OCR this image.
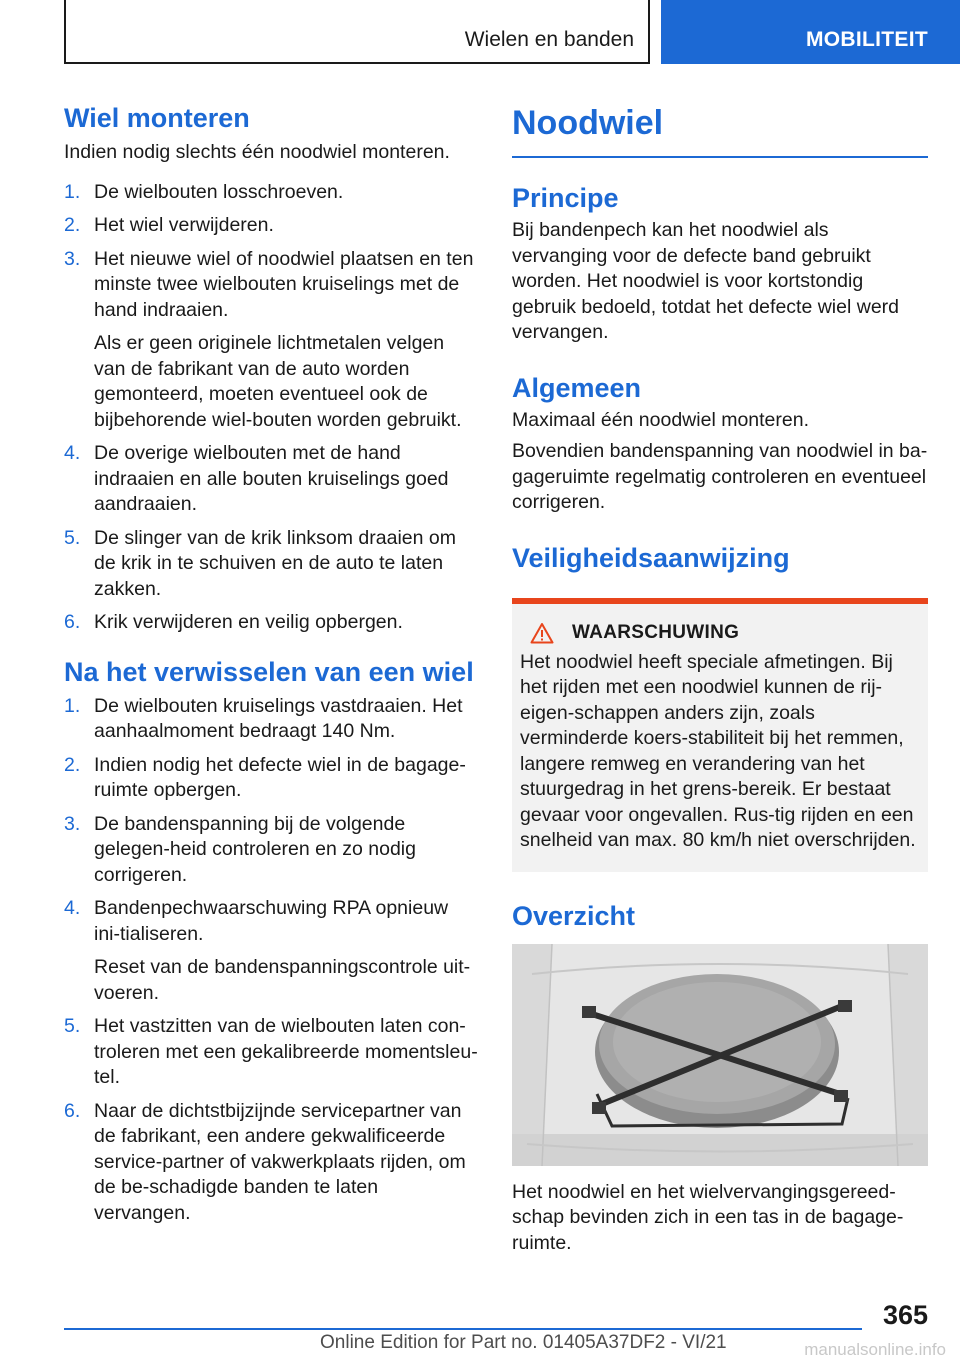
Wielen en banden	MOBILITEIT
Wiel monteren

Indien nodig slechts één noodwiel monteren.

1. De wielbouten losschroeven.
2. Het wiel verwijderen.
3. Het nieuwe wiel of noodwiel plaatsen en ten minste twee wielbouten kruiselings met de hand indraaien.
Als er geen originele lichtmetalen velgen van de fabrikant van de auto worden gemonteerd, moeten eventueel ook de bijbehorende wiel-bouten worden gebruikt.
4. De overige wielbouten met de hand indraaien en alle bouten kruiselings goed aandraaien.
5. De slinger van de krik linksom draaien om de krik in te schuiven en de auto te laten zakken.
6. Krik verwijderen en veilig opbergen.
Na het verwisselen van een wiel
1. De wielbouten kruiselings vastdraaien. Het aanhaalmoment bedraagt 140 Nm.
2. Indien nodig het defecte wiel in de bagage-ruimte opbergen.
3. De bandenspanning bij de volgende gelegen-heid controleren en zo nodig corrigeren.
4. Bandenpechwaarschuwing RPA opnieuw ini-tialiseren.
Reset van de bandenspanningscontrole uit-voeren.
5. Het vastzitten van de wielbouten laten con-troleren met een gekalibreerde momentsleu-tel.
6. Naar de dichtstbijzijnde servicepartner van de fabrikant, een andere gekwalificeerde service-partner of vakwerkplaats rijden, om de be-schadigde banden te laten vervangen.
Noodwiel
Principe

Bij bandenpech kan het noodwiel als vervanging voor de defecte band gebruikt worden. Het noodwiel is voor kortstondig gebruik bedoeld, totdat het defecte wiel werd vervangen.

Algemeen

Maximaal één noodwiel monteren.

Bovendien bandenspanning van noodwiel in ba-gageruimte regelmatig controleren en eventueel corrigeren.

Veiligheidsaanwijzing
WAARSCHUWING

Het noodwiel heeft speciale afmetingen. Bij het rijden met een noodwiel kunnen de rij-eigen-schappen anders zijn, zoals verminderde koers-stabiliteit bij het remmen, langere remweg en verandering van het stuurgedrag in het grens-bereik. Er bestaat gevaar voor ongevallen. Rus-tig rijden en een snelheid van max. 80 km/h niet overschrijden.

Overzicht

Het noodwiel en het wielvervangingsgereed-schap bevinden zich in een tas in de bagage-ruimte.

365
Online Edition for Part no. 01405A37DF2 - VI/21	manualsonline.info
